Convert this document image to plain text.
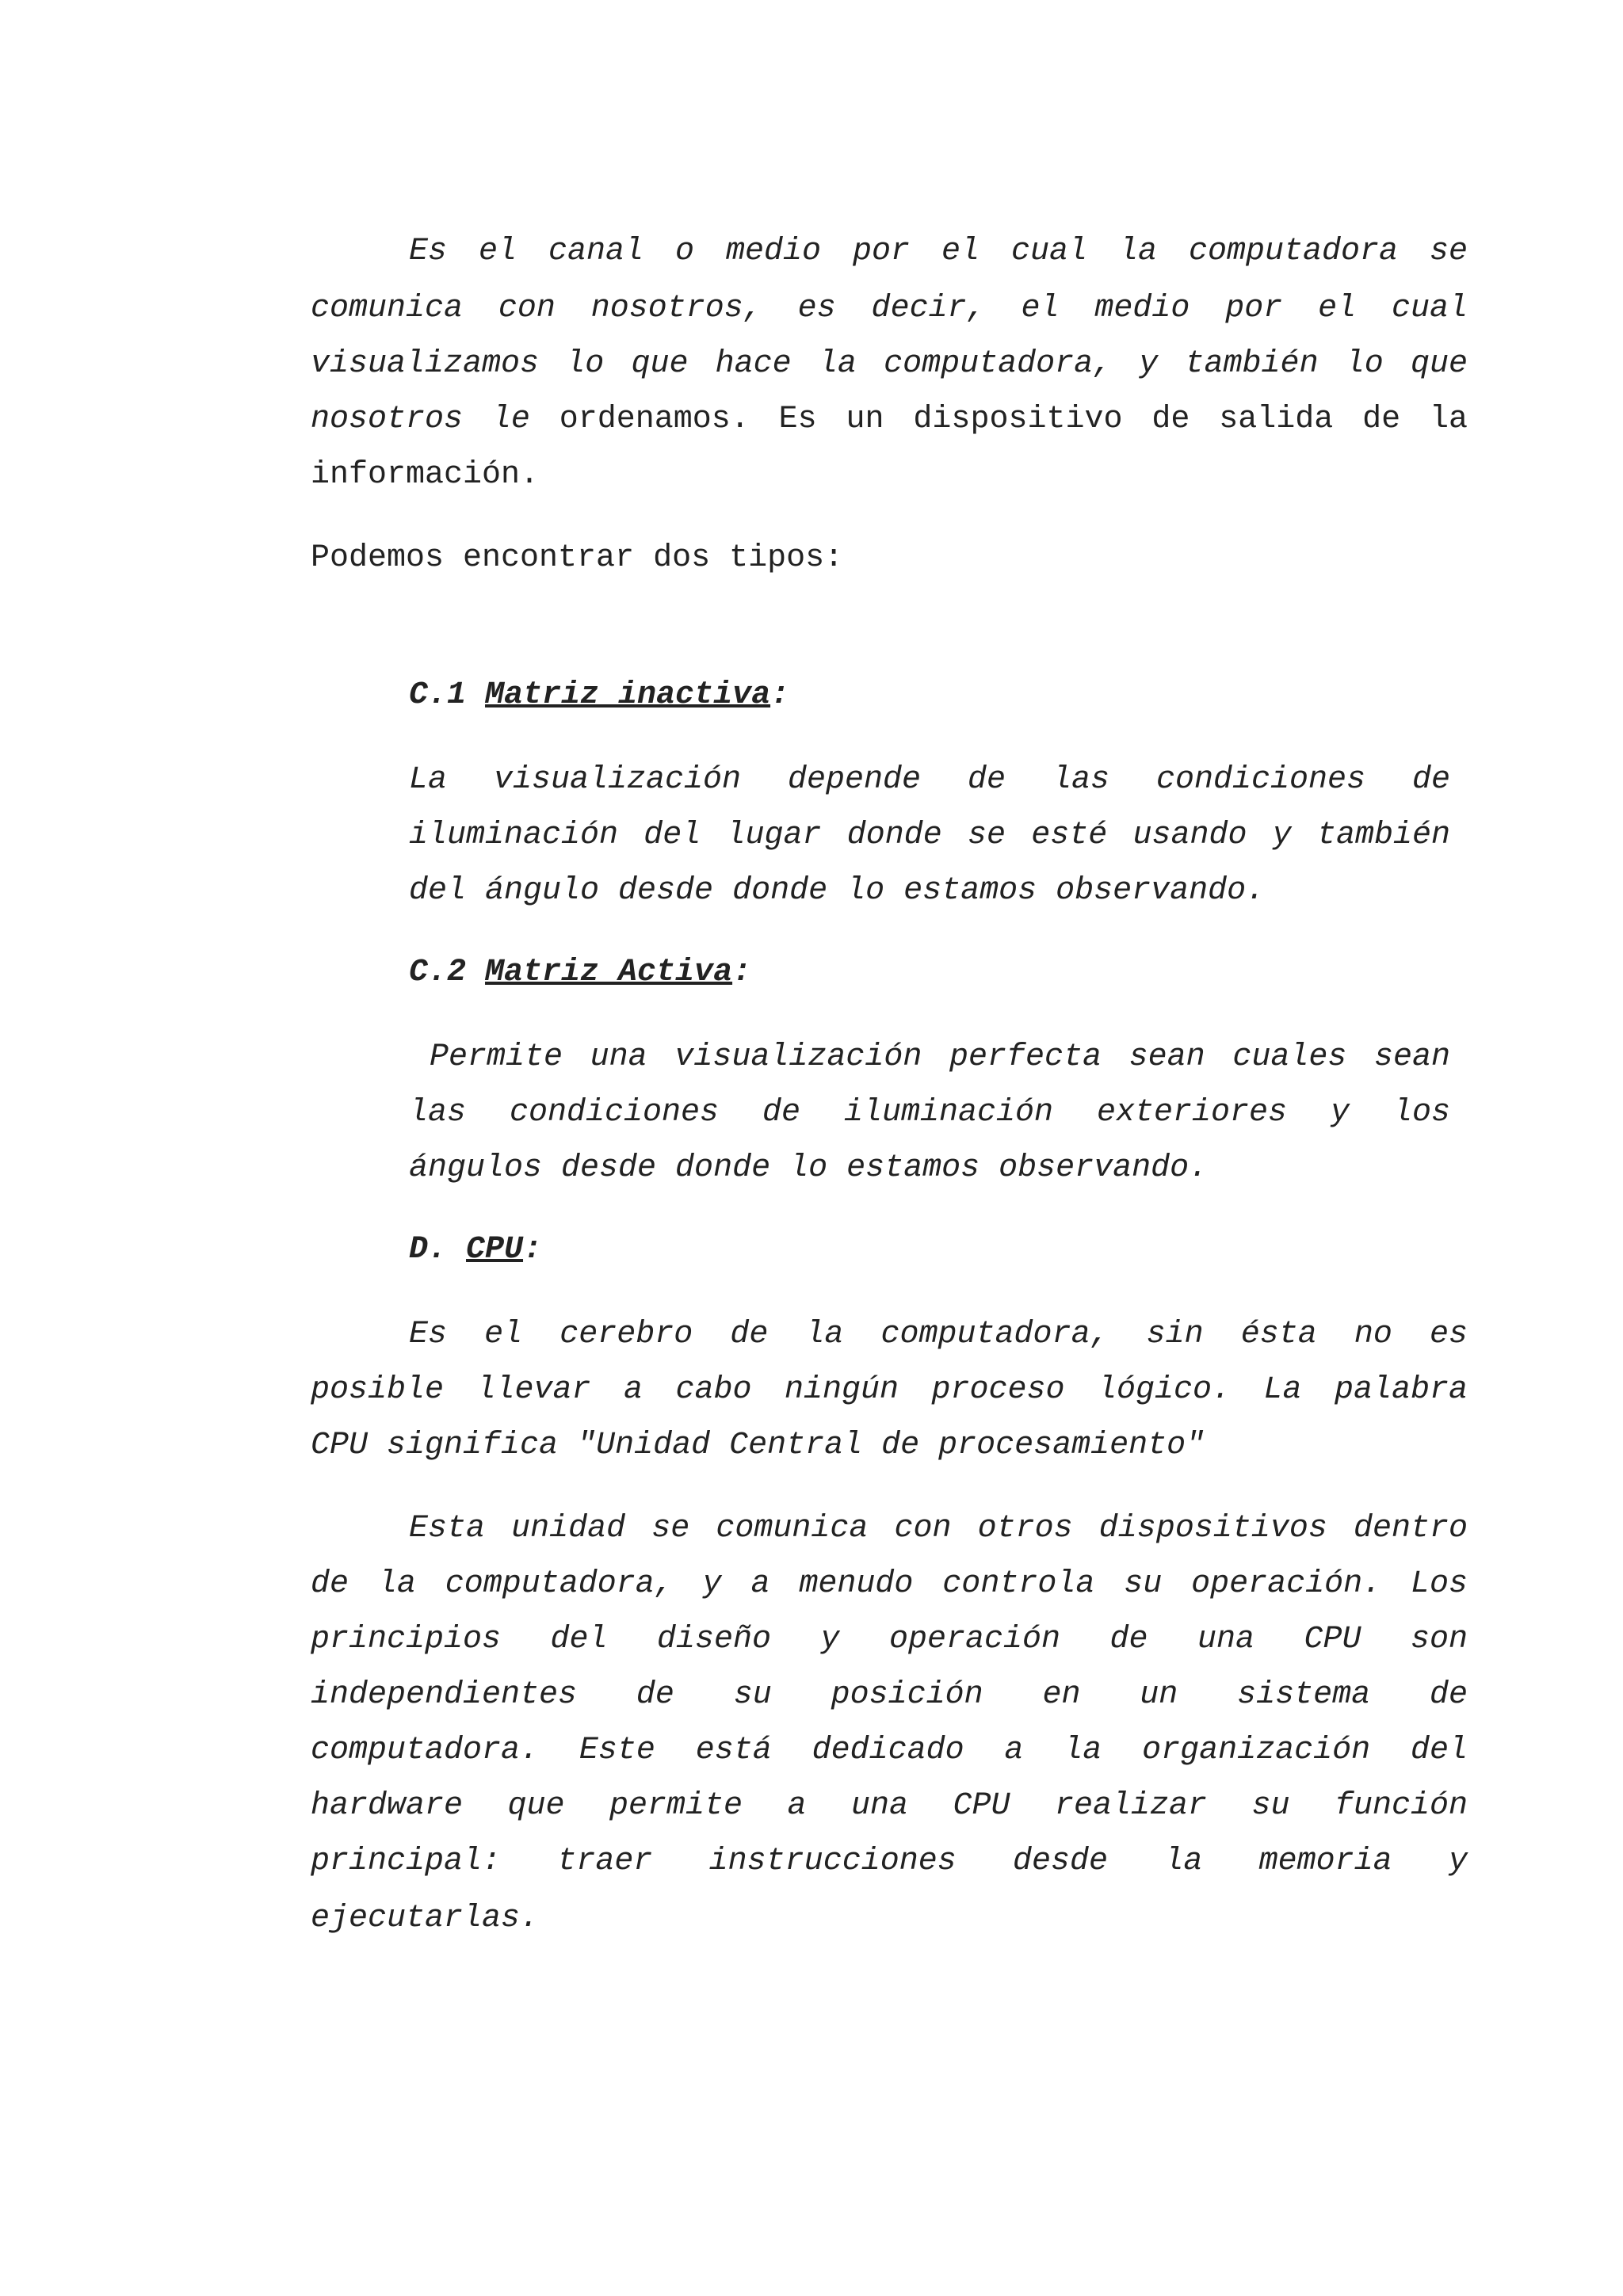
Es el canal o medio por el cual la computadora se
comunica con nosotros, es decir, el medio por el cual
visualizamos lo que hace la computadora, y también lo que
nosotros le ordenamos. Es un dispositivo de salida de la
información.
Podemos encontrar dos tipos:
C.1 Matriz inactiva:
La visualización depende de las condiciones de
iluminación del lugar donde se esté usando y también
del ángulo desde donde lo estamos observando.
C.2 Matriz Activa:
Permite una visualización perfecta sean cuales sean
las condiciones de iluminación exteriores y los
ángulos desde donde lo estamos observando.
D. CPU:
Es el cerebro de la computadora, sin ésta no es
posible llevar a cabo ningún proceso lógico. La palabra
CPU significa "Unidad Central de procesamiento"
Esta unidad se comunica con otros dispositivos dentro
de la computadora, y a menudo controla su operación. Los
principios del diseño y operación de una CPU son
independientes de su posición en un sistema de
computadora. Este está dedicado a la organización del
hardware que permite a una CPU realizar su función
principal: traer instrucciones desde la memoria y
ejecutarlas.
